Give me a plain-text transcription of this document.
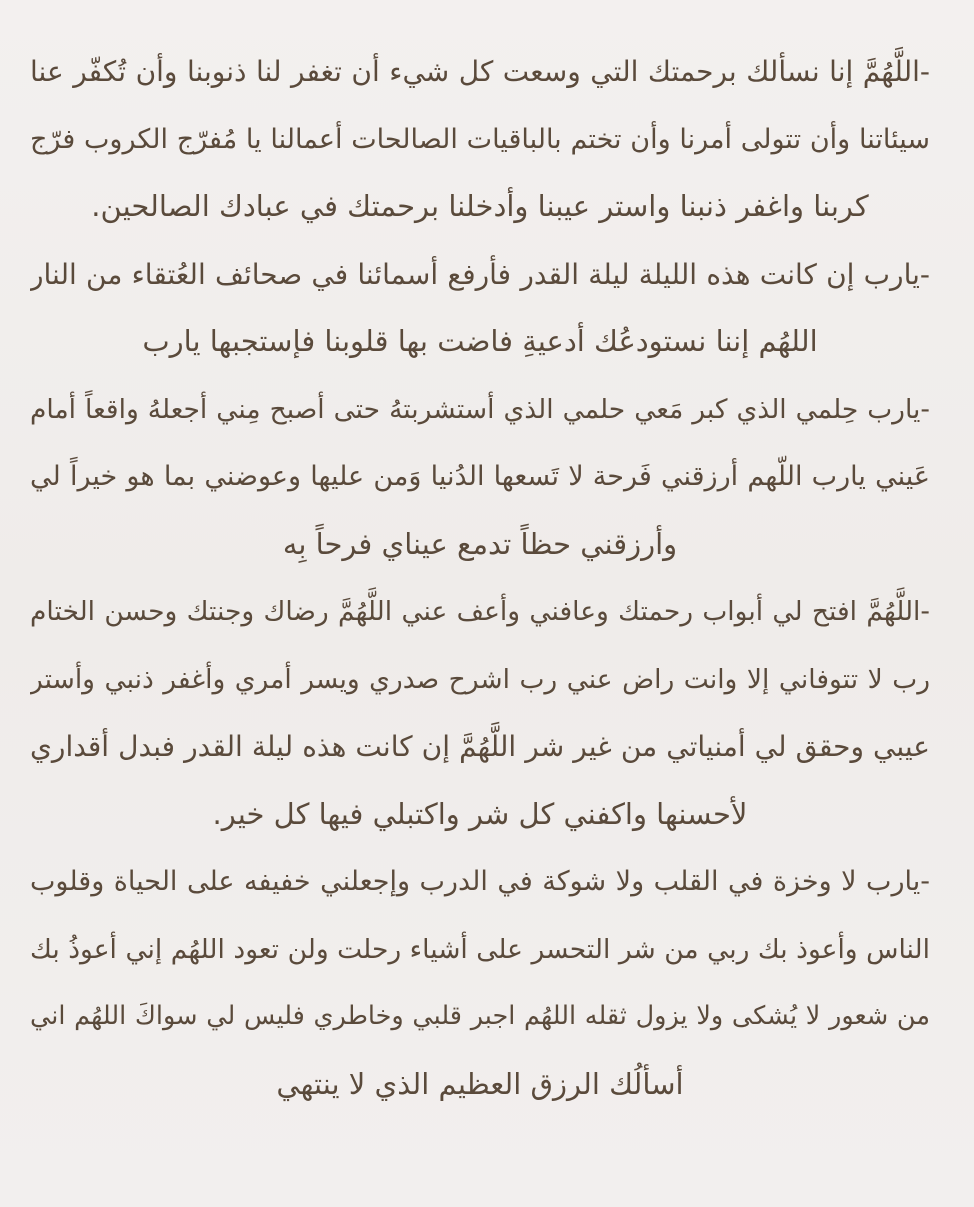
-اللَّهُمَّ إنا نسألك برحمتك التي وسعت كل شيء أن تغفر لنا ذنوبنا وأن تُكفّر عنا
سيئاتنا وأن تتولى أمرنا وأن تختم بالباقيات الصالحات أعمالنا يا مُفرّج الكروب فرّج
كربنا واغفر ذنبنا واستر عيبنا وأدخلنا برحمتك في عبادك الصالحين.
-يارب إن كانت هذه الليلة ليلة القدر فأرفع أسمائنا في صحائف العُتقاء من النار
اللهُم إننا نستودعُك أدعيةِ فاضت بها قلوبنا فإستجبها يارب
-يارب حِلمي الذي كبر مَعي حلمي الذي أستشربتهُ حتى أصبح مِني أجعلهُ واقعاً أمام
عَيني يارب اللّهم أرزقني فَرحة لا تَسعها الدُنيا وَمن عليها وعوضني بما هو خيراً لي
وأرزقني حظاً تدمع عيناي فرحاً بِه
-اللَّهُمَّ افتح لي أبواب رحمتك وعافني وأعف عني اللَّهُمَّ رضاك وجنتك وحسن الختام
رب لا تتوفاني إلا وانت راض عني رب اشرح صدري ويسر أمري وأغفر ذنبي وأستر
عيبي وحقق لي أمنياتي من غير شر اللَّهُمَّ إن كانت هذه ليلة القدر فبدل أقداري
لأحسنها واكفني كل شر واكتبلي فيها كل خير.
-يارب لا وخزة في القلب ولا شوكة في الدرب وإجعلني خفيفه على الحياة وقلوب
الناس وأعوذ بك ربي من شر التحسر على أشياء رحلت ولن تعود اللهُم إني أعوذُ بك
من شعور لا يُشكى ولا يزول ثقله اللهُم اجبر قلبي وخاطري فليس لي سواكَ اللهُم اني
أسألُك الرزق العظيم الذي لا ينتهي
